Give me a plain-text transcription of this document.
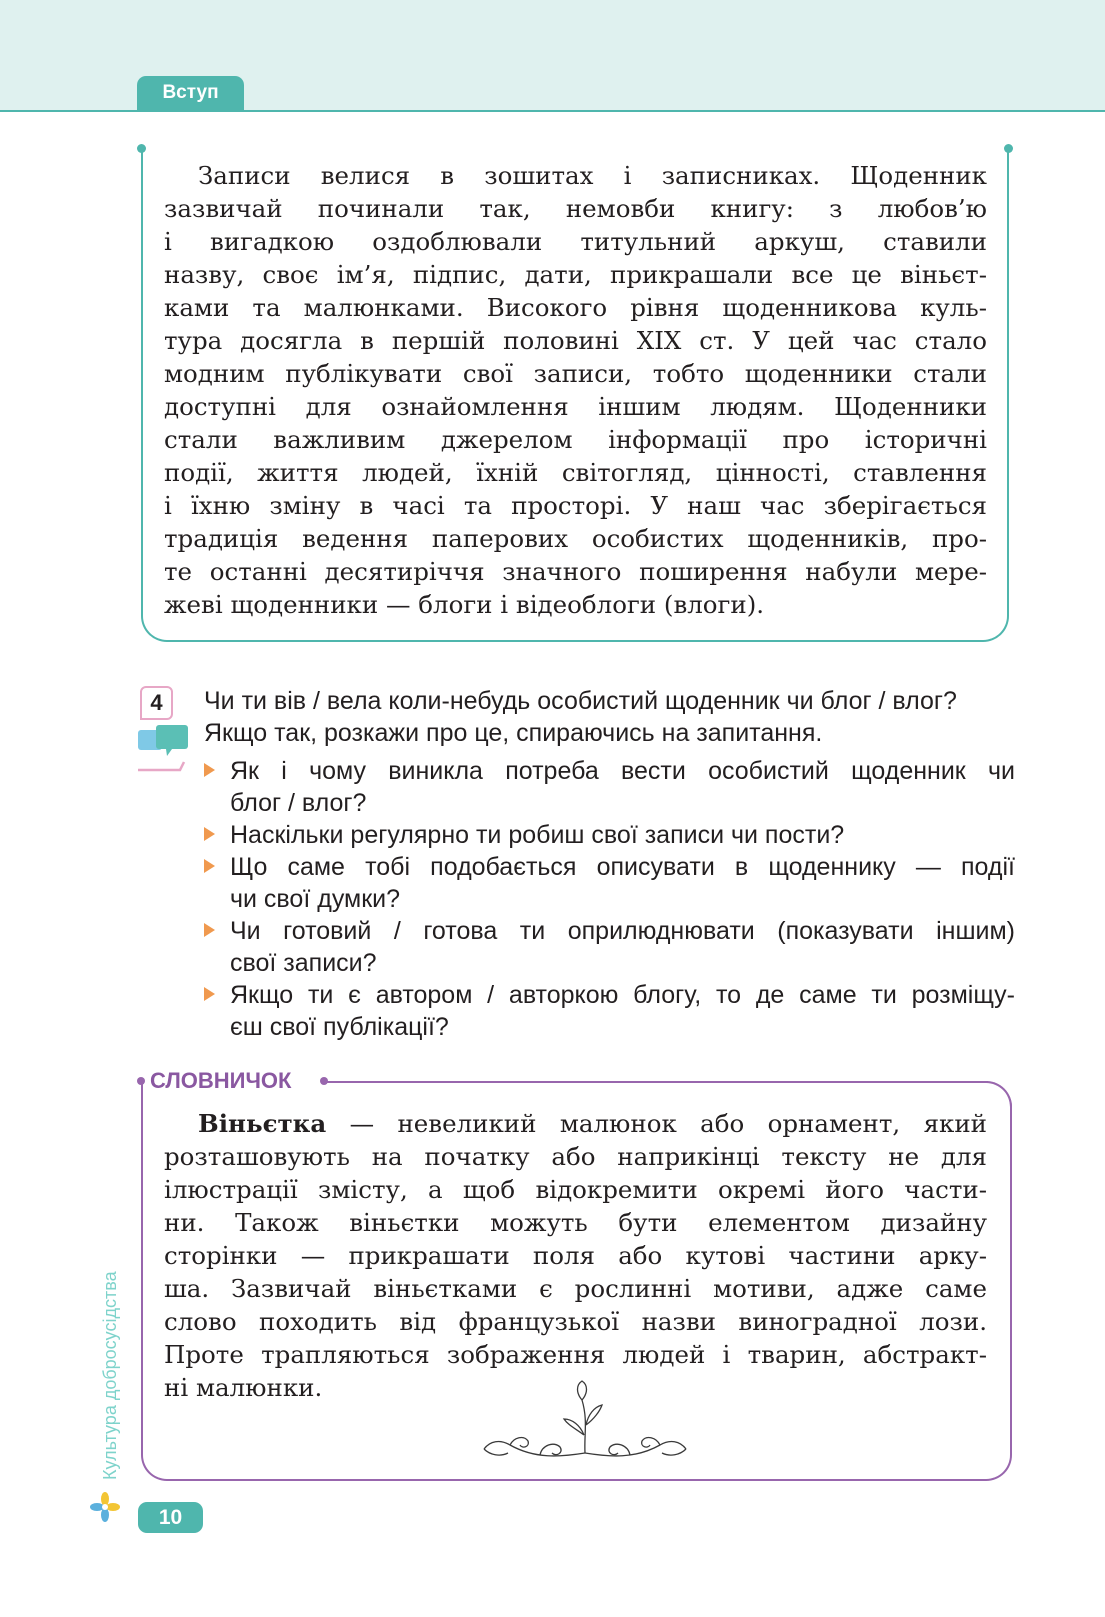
Вступ
Записи велися в зошитах і записниках. Щоденник
зазвичай починали так, немовби книгу: з любов’ю
і вигадкою оздоблювали титульний аркуш, ставили
назву, своє ім’я, підпис, дати, прикрашали все це віньєт-
ками та малюнками. Високого рівня щоденникова куль-
тура досягла в першій половині XIX ст. У цей час стало
модним публікувати свої записи, тобто щоденники стали
доступні для ознайомлення іншим людям. Щоденники
стали важливим джерелом інформації про історичні
події, життя людей, їхній світогляд, цінності, ставлення
і їхню зміну в часі та просторі. У наш час зберігається
традиція ведення паперових особистих щоденників, про-
те останні десятиріччя значного поширення набули мере-
жеві щоденники — блоги і відеоблоги (влоги).
4	Чи ти вів / вела коли-небудь особистий щоденник чи блог / влог?
Якщо так, розкажи про це, спираючись на запитання.
Як і чому виникла потреба вести особистий щоденник чи
блог / влог?
Наскільки регулярно ти робиш свої записи чи пости?
Що саме тобі подобається описувати в щоденнику — події
чи свої думки?
Чи готовий / готова ти оприлюднювати (показувати іншим)
свої записи?
Якщо ти є автором / авторкою блогу, то де саме ти розміщу-
єш свої публікації?
СЛОВНИЧОК
Віньєтка — невеликий малюнок або орнамент, який
розташовують на початку або наприкінці тексту не для
ілюстрації змісту, а щоб відокремити окремі його части-
ни. Також віньєтки можуть бути елементом дизайну
сторінки — прикрашати поля або кутові частини арку-
ша. Зазвичай віньєтками є рослинні мотиви, адже саме
слово походить від французької назви виноградної лози.
Проте трапляються зображення людей і тварин, абстракт-
ні малюнки.
Культура добросусідства
10
